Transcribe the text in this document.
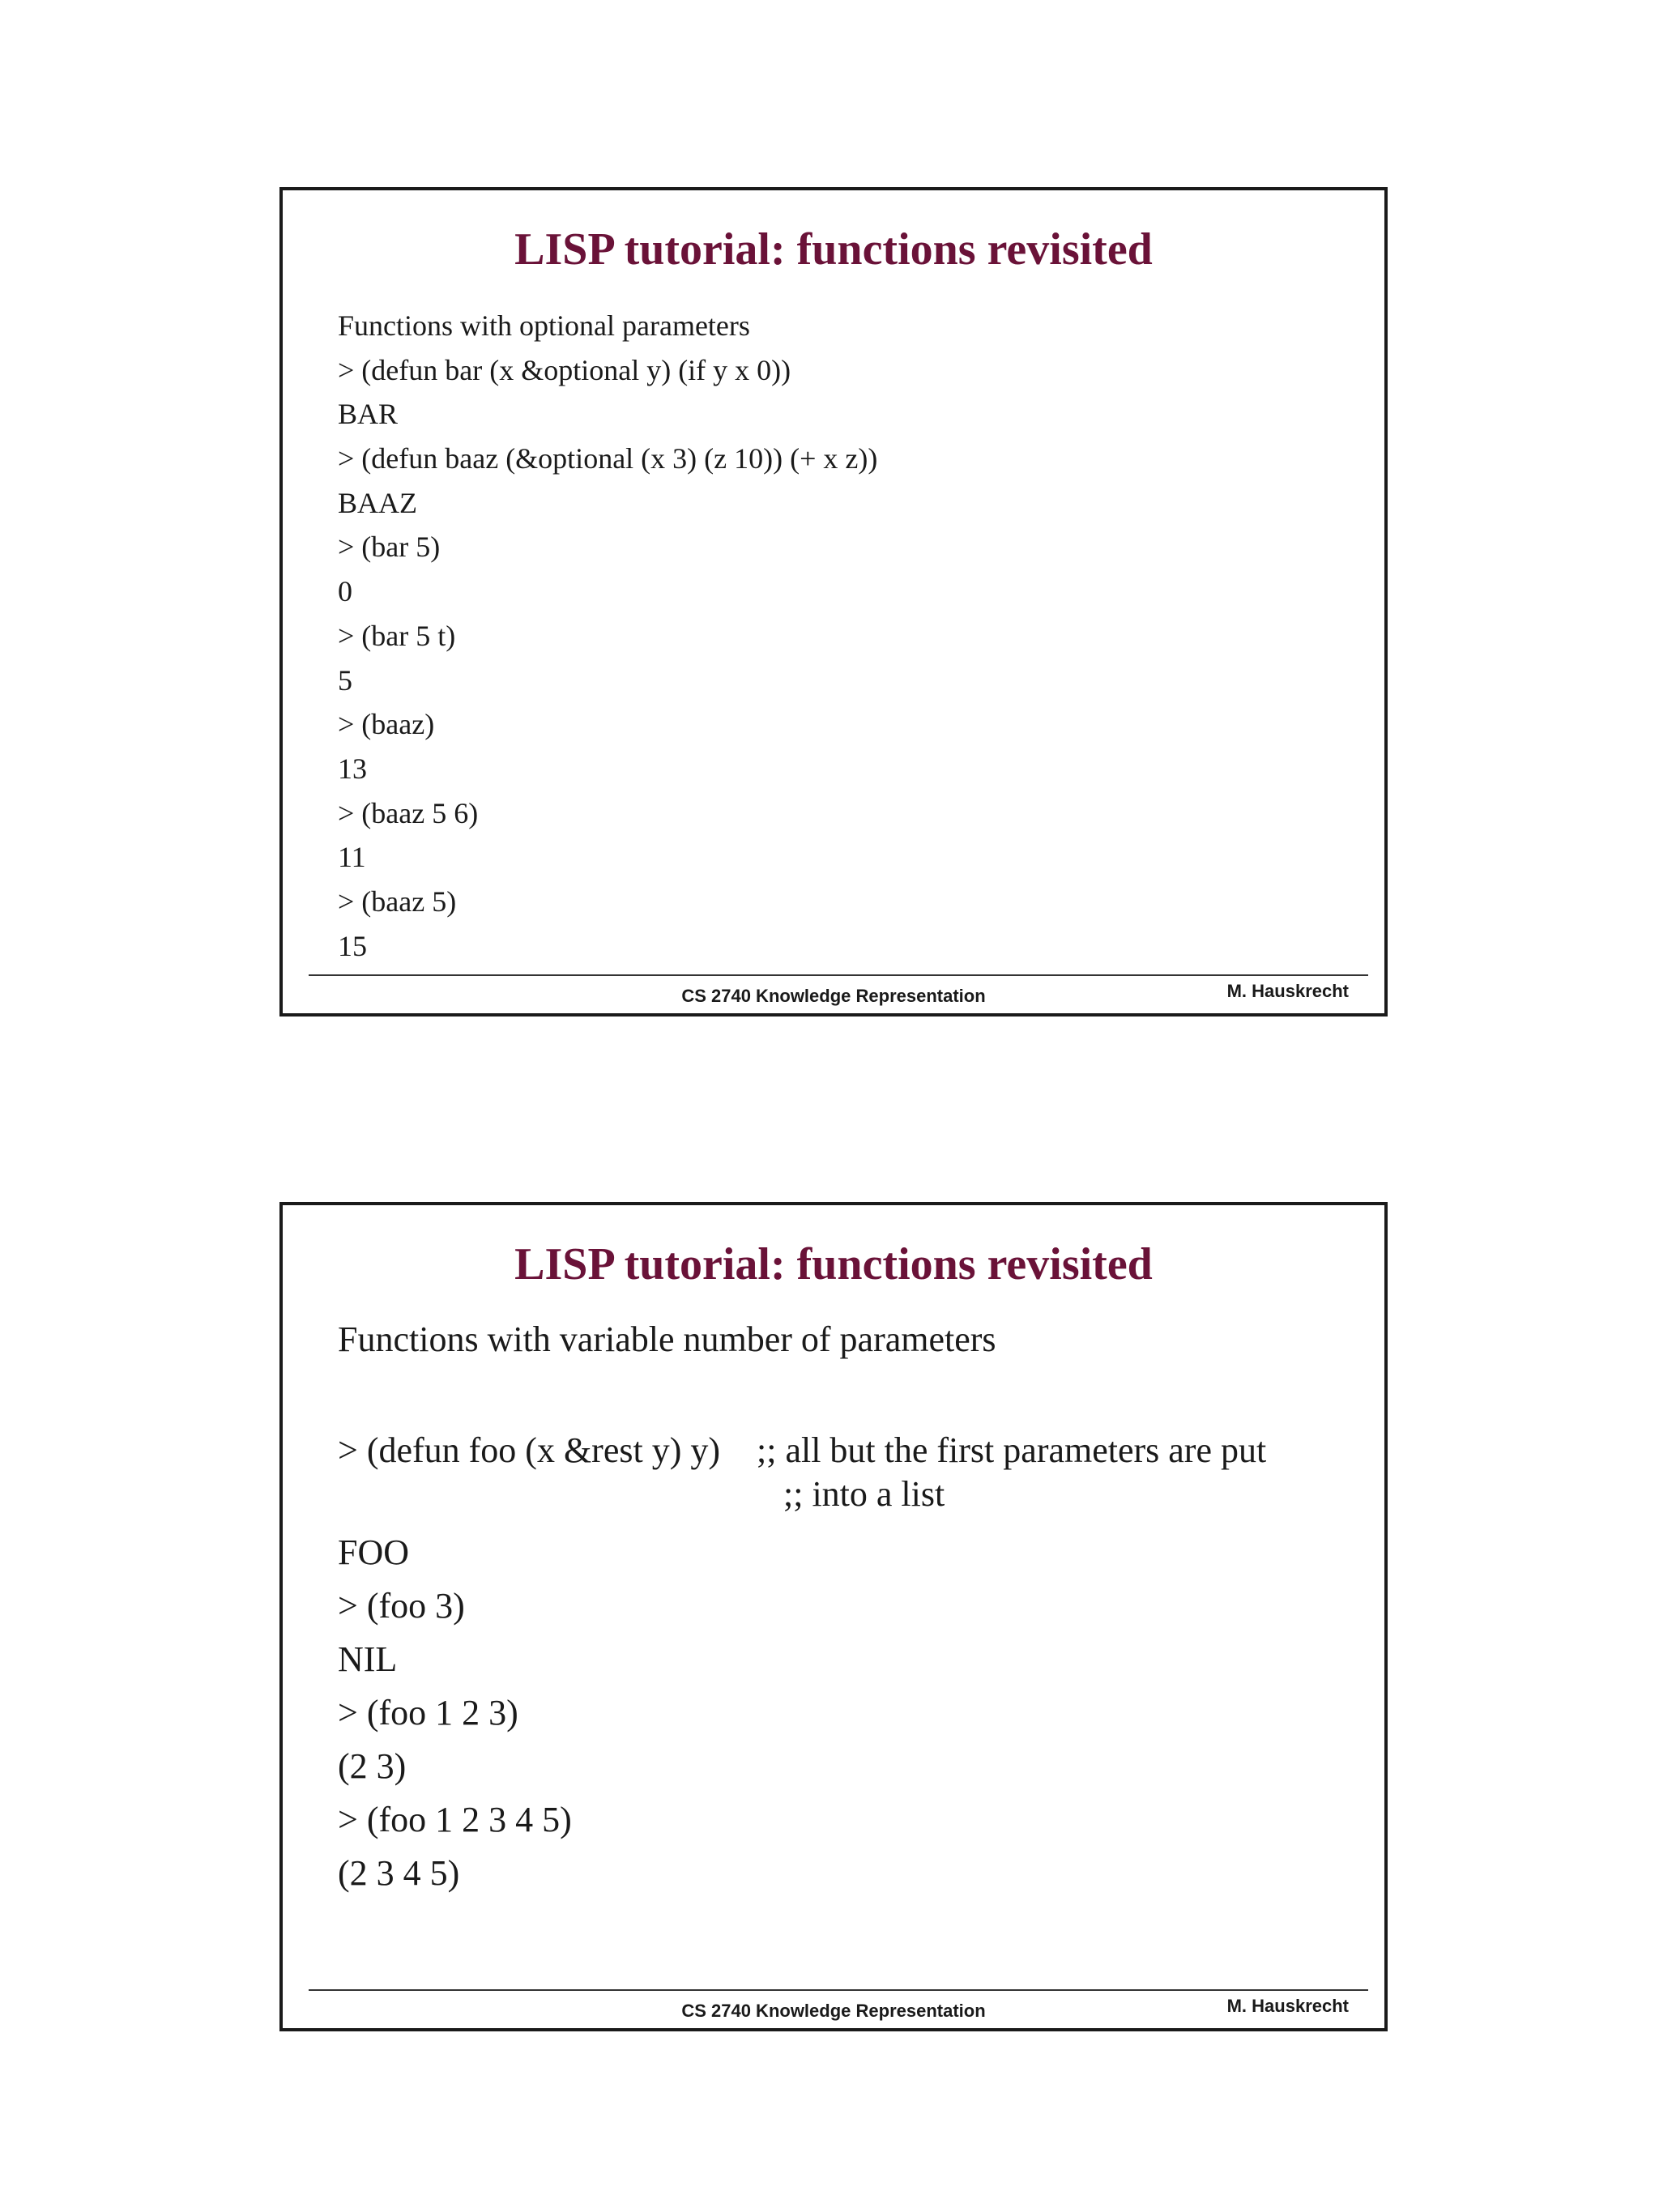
LISP tutorial: functions revisited
Functions with optional parameters
> (defun bar (x &optional y) (if y x 0))
BAR
> (defun baaz (&optional (x 3) (z 10)) (+ x z))
BAAZ
> (bar 5)
0
> (bar 5 t)
5
> (baaz)
13
> (baaz 5 6)
11
> (baaz 5)
15
CS 2740 Knowledge Representation	M. Hauskrecht
LISP tutorial: functions revisited

Functions with variable number of parameters

> (defun foo (x &rest y) y) ;; all but the first parameters are put

;; into a list

FOO
> (foo 3)
NIL
> (foo 1 2 3)
(2 3)
> (foo 1 2 3 4 5)
(2 3 4 5)
CS 2740 Knowledge Representation	M. Hauskrecht
